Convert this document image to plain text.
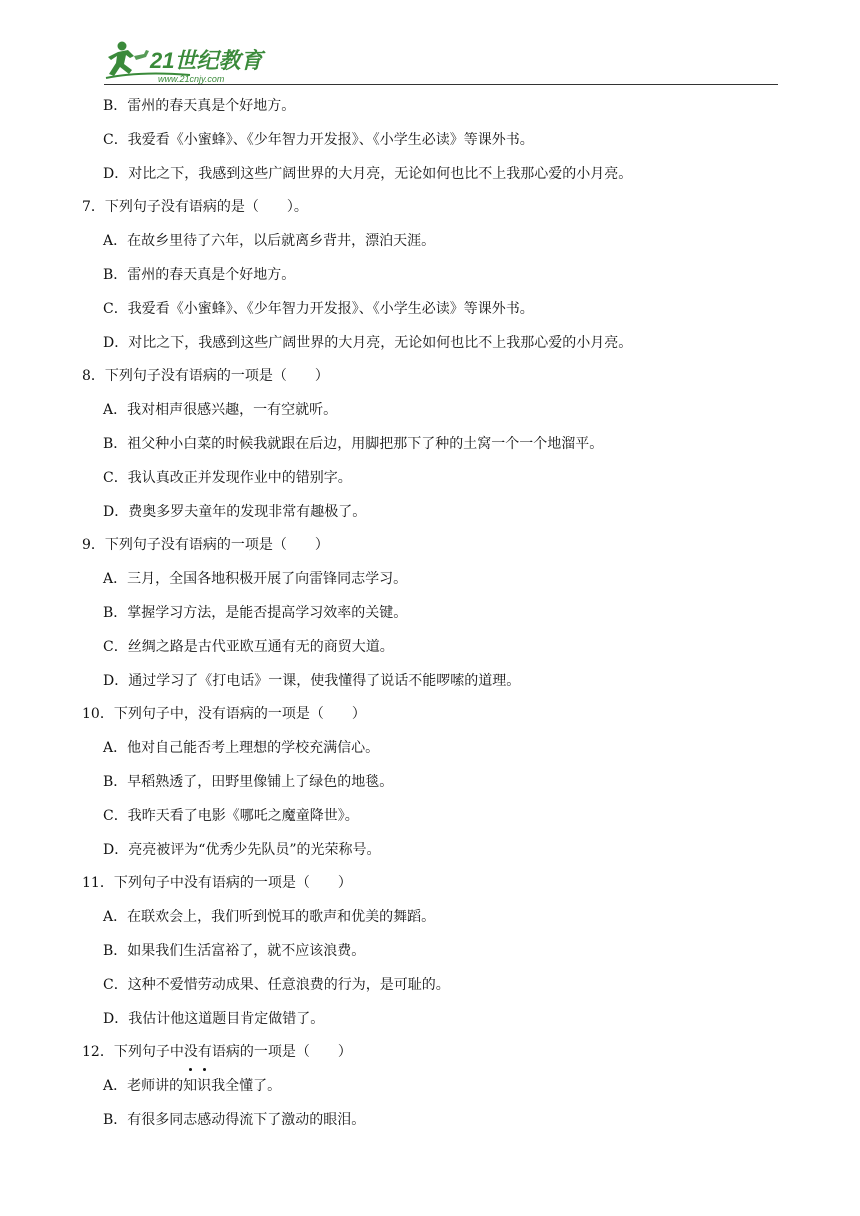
21世纪教育
www.21cnjy.com
B．雷州的春天真是个好地方。
C．我爱看《小蜜蜂》、《少年智力开发报》、《小学生必读》等课外书。
D．对比之下，我感到这些广阔世界的大月亮，无论如何也比不上我那心爱的小月亮。
7．下列句子没有语病的是（　　）。
A．在故乡里待了六年，以后就离乡背井，漂泊天涯。
B．雷州的春天真是个好地方。
C．我爱看《小蜜蜂》、《少年智力开发报》、《小学生必读》等课外书。
D．对比之下，我感到这些广阔世界的大月亮，无论如何也比不上我那心爱的小月亮。
8．下列句子没有语病的一项是（　　）
A．我对相声很感兴趣，一有空就听。
B．祖父种小白菜的时候我就跟在后边，用脚把那下了种的土窝一个一个地溜平。
C．我认真改正并发现作业中的错别字。
D．费奥多罗夫童年的发现非常有趣极了。
9．下列句子没有语病的一项是（　　）
A．三月，全国各地积极开展了向雷锋同志学习。
B．掌握学习方法，是能否提高学习效率的关键。
C．丝绸之路是古代亚欧互通有无的商贸大道。
D．通过学习了《打电话》一课，使我懂得了说话不能啰嗦的道理。
10．下列句子中，没有语病的一项是（　　）
A．他对自己能否考上理想的学校充满信心。
B．早稻熟透了，田野里像铺上了绿色的地毯。
C．我昨天看了电影《哪吒之魔童降世》。
D．亮亮被评为“优秀少先队员”的光荣称号。
11．下列句子中没有语病的一项是（　　）
A．在联欢会上，我们听到悦耳的歌声和优美的舞蹈。
B．如果我们生活富裕了，就不应该浪费。
C．这种不爱惜劳动成果、任意浪费的行为，是可耻的。
D．我估计他这道题目肯定做错了。
12．下列句子中没有语病的一项是（　　）
A．老师讲的知识我全懂了。
B．有很多同志感动得流下了激动的眼泪。
